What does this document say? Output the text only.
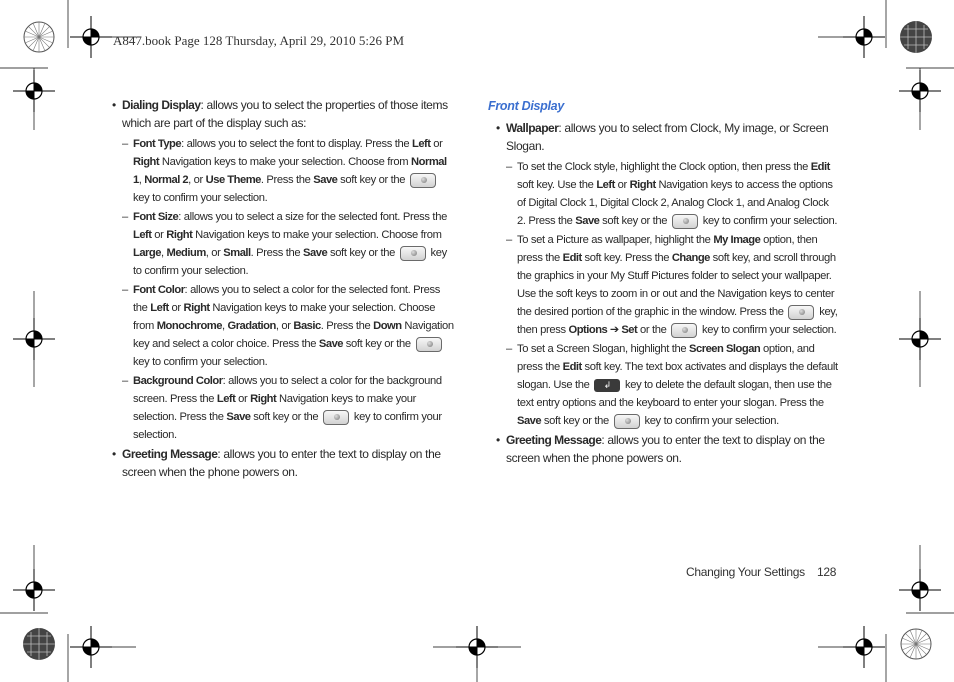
A847.book Page 128 Thursday, April 29, 2010 5:26 PM

• Dialing Display: allows you to select the properties of those items which are part of the display such as:

– Font Type: allows you to select the font to display. Press the Left or Right Navigation keys to make your selection. Choose from Normal 1, Normal 2, or Use Theme. Press the Save soft key or the  key to confirm your selection.

– Font Size: allows you to select a size for the selected font. Press the Left or Right Navigation keys to make your selection. Choose from Large, Medium, or Small. Press the Save soft key or the	key to confirm your selection.

– Font Color: allows you to select a color for the selected font. Press the Left or Right Navigation keys to make your selection. Choose from Monochrome, Gradation, or Basic. Press the Down Navigation key and select a color choice. Press the Save soft key or the  key to confirm your selection.

– Background Color: allows you to select a color for the background screen. Press the Left or Right Navigation keys to make your selection. Press the Save soft key or the	key to confirm your selection.

• Greeting Message: allows you to enter the text to display on the screen when the phone powers on.

Front Display

• Wallpaper: allows you to select from Clock, My image, or Screen Slogan.

– To set the Clock style, highlight the Clock option, then press the Edit soft key. Use the Left or Right Navigation keys to access the options of Digital Clock 1, Digital Clock 2, Analog Clock 1, and Analog Clock 2. Press the Save soft key or the	key to confirm your selection.

– To set a Picture as wallpaper, highlight the My Image option, then press the Edit soft key. Press the Change soft key, and scroll through the graphics in your My Stuff Pictures folder to select your wallpaper. Use the soft keys to zoom in or out and the Navigation keys to center the desired portion of the graphic in the window. Press the	key, then press Options ➔ Set or the	key to confirm your selection.

– To set a Screen Slogan, highlight the Screen Slogan option, and press the Edit soft key. The text box activates and displays the default slogan. Use the ↲ key to delete the default slogan, then use the text entry options and the keyboard to enter your slogan. Press the Save soft key or the	key to confirm your selection.

• Greeting Message: allows you to enter the text to display on the screen when the phone powers on.

Changing Your Settings 128
